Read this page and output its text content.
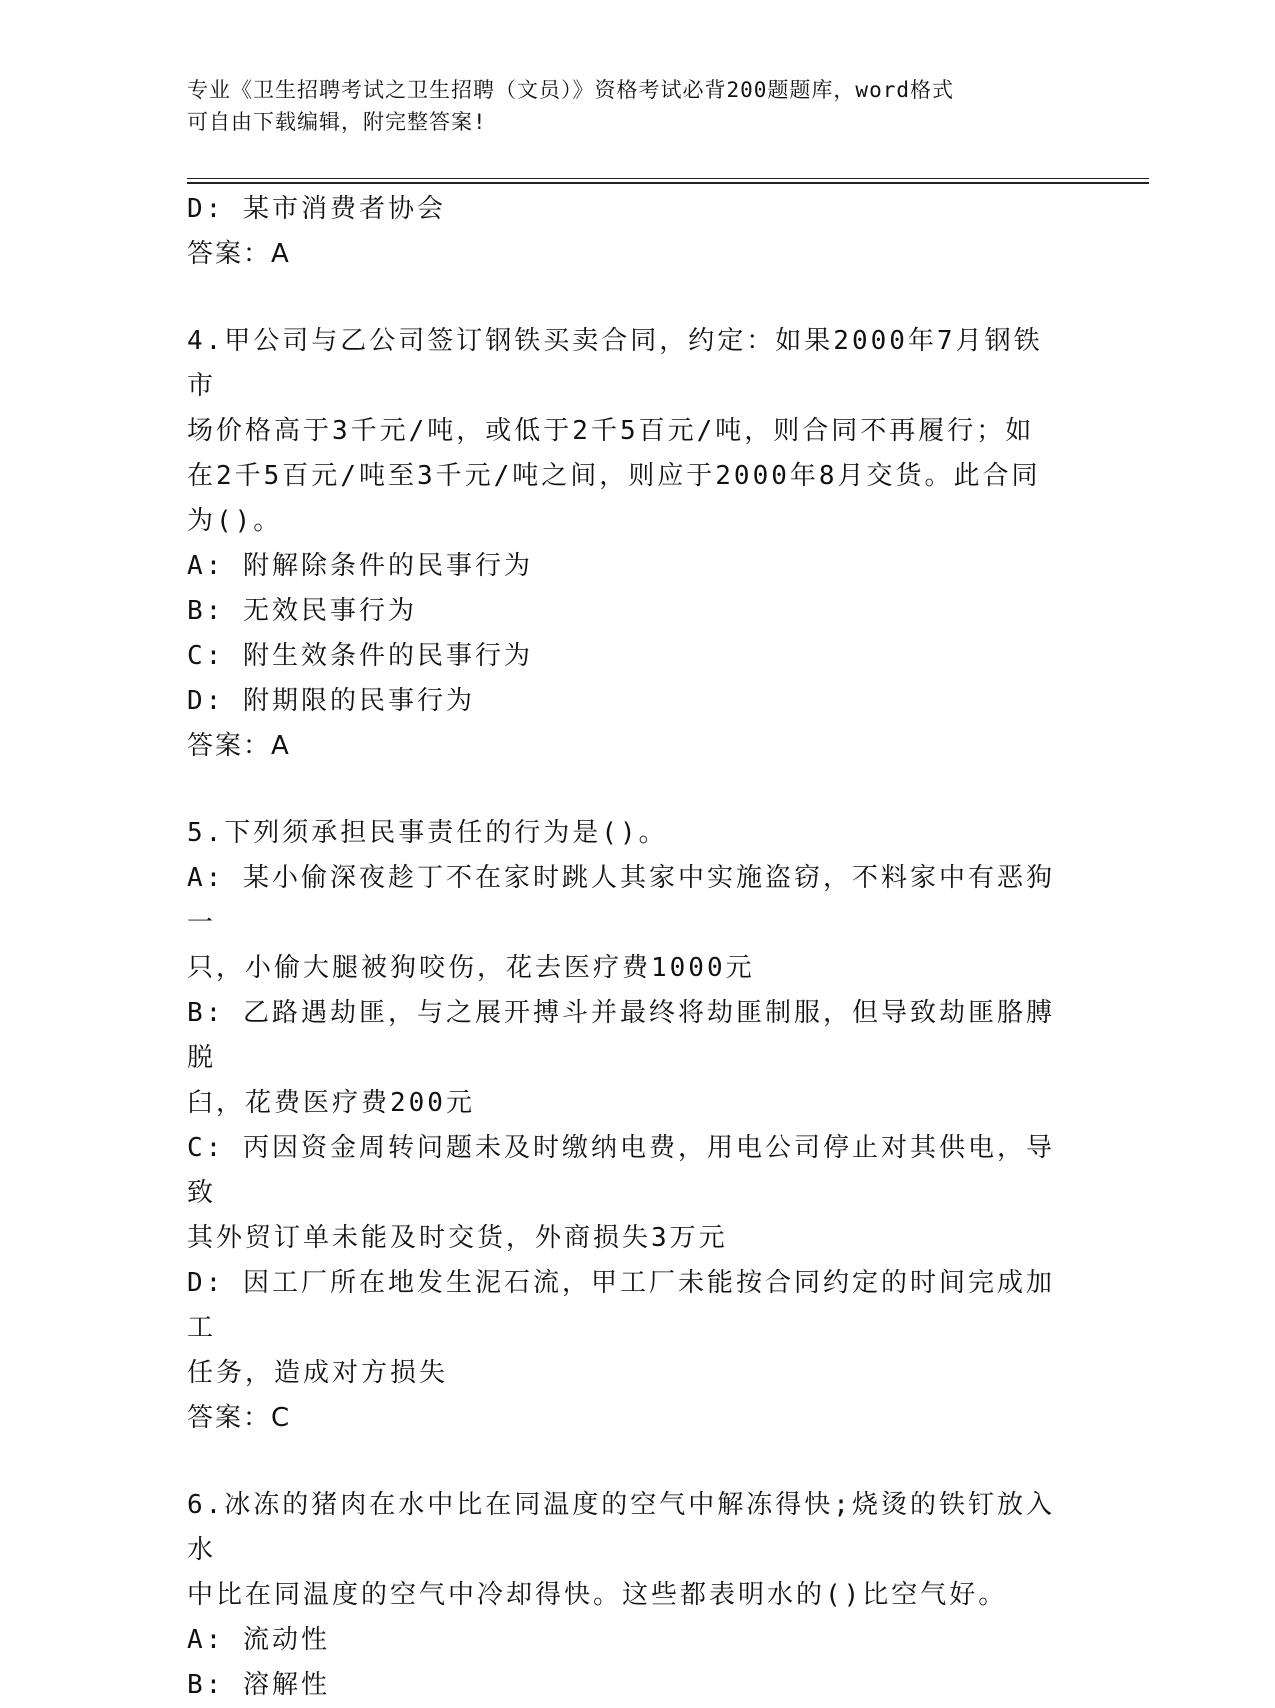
专业《卫生招聘考试之卫生招聘（文员）》资格考试必背200题题库，word格式
可自由下载编辑，附完整答案!
D: 某市消费者协会
答案：A
4.甲公司与乙公司签订钢铁买卖合同，约定：如果2000年7月钢铁市
场价格高于3千元/吨，或低于2千5百元/吨，则合同不再履行；如
在2千5百元/吨至3千元/吨之间，则应于2000年8月交货。此合同
为()。
A: 附解除条件的民事行为
B: 无效民事行为
C: 附生效条件的民事行为
D: 附期限的民事行为
答案：A
5.下列须承担民事责任的行为是()。
A: 某小偷深夜趁丁不在家时跳人其家中实施盗窃，不料家中有恶狗一
只，小偷大腿被狗咬伤，花去医疗费1000元
B: 乙路遇劫匪，与之展开搏斗并最终将劫匪制服，但导致劫匪胳膊脱
臼，花费医疗费200元
C: 丙因资金周转问题未及时缴纳电费，用电公司停止对其供电，导致
其外贸订单未能及时交货，外商损失3万元
D: 因工厂所在地发生泥石流，甲工厂未能按合同约定的时间完成加工
任务，造成对方损失
答案：C
6.冰冻的猪肉在水中比在同温度的空气中解冻得快;烧烫的铁钉放入水
中比在同温度的空气中冷却得快。这些都表明水的()比空气好。
A: 流动性
B: 溶解性
